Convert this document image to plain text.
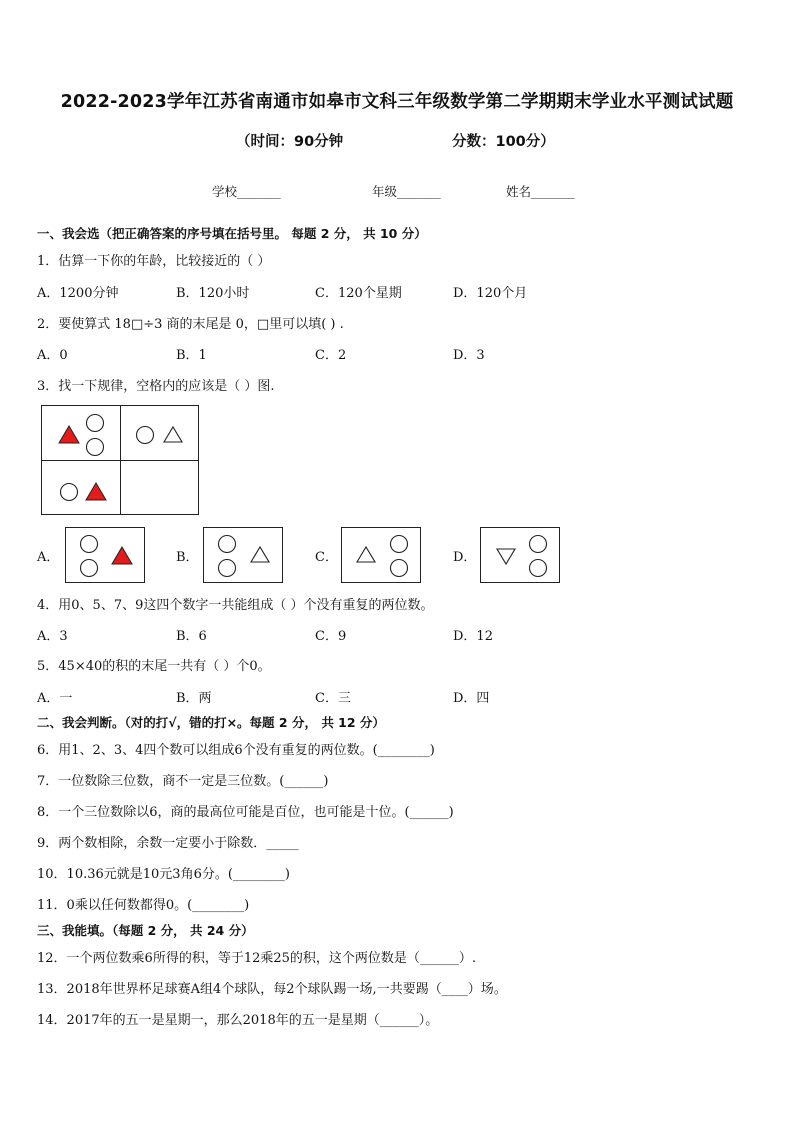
2022-2023学年江苏省南通市如皋市文科三年级数学第二学期期末学业水平测试试题
（时间：90分钟	分数：100分）
学校_______	年级_______	姓名_______
一、我会选（把正确答案的序号填在括号里。 每题 2 分， 共 10 分）
1．估算一下你的年龄，比较接近的（ ）
A．1200分钟	B．120小时	C．120个星期	D．120个月
2．要使算式 18□÷3 商的末尾是 0，□里可以填( ) .
A．0	B．1	C．2	D．3
3．找一下规律，空格内的应该是（ ）图.
A．	B．	C．	D．
4．用0、5、7、9这四个数字一共能组成（ ）个没有重复的两位数。
A．3	B．6	C．9	D．12
5．45×40的积的末尾一共有（ ）个0。
A．一	B．两	C．三	D．四
二、我会判断。（对的打√，错的打×。每题 2 分， 共 12 分）
6．用1、2、3、4四个数可以组成6个没有重复的两位数。(________)
7．一位数除三位数，商不一定是三位数。(______)
8．一个三位数除以6，商的最高位可能是百位，也可能是十位。(______)
9．两个数相除，余数一定要小于除数．_____
10．10.36元就是10元3角6分。(________)
11．0乘以任何数都得0。(________)
三、我能填。（每题 2 分， 共 24 分）
12．一个两位数乘6所得的积，等于12乘25的积，这个两位数是（______）.
13．2018年世界杯足球赛A组4个球队，每2个球队踢一场,一共要踢（____）场。
14．2017年的五一是星期一，那么2018年的五一是星期（______）。
